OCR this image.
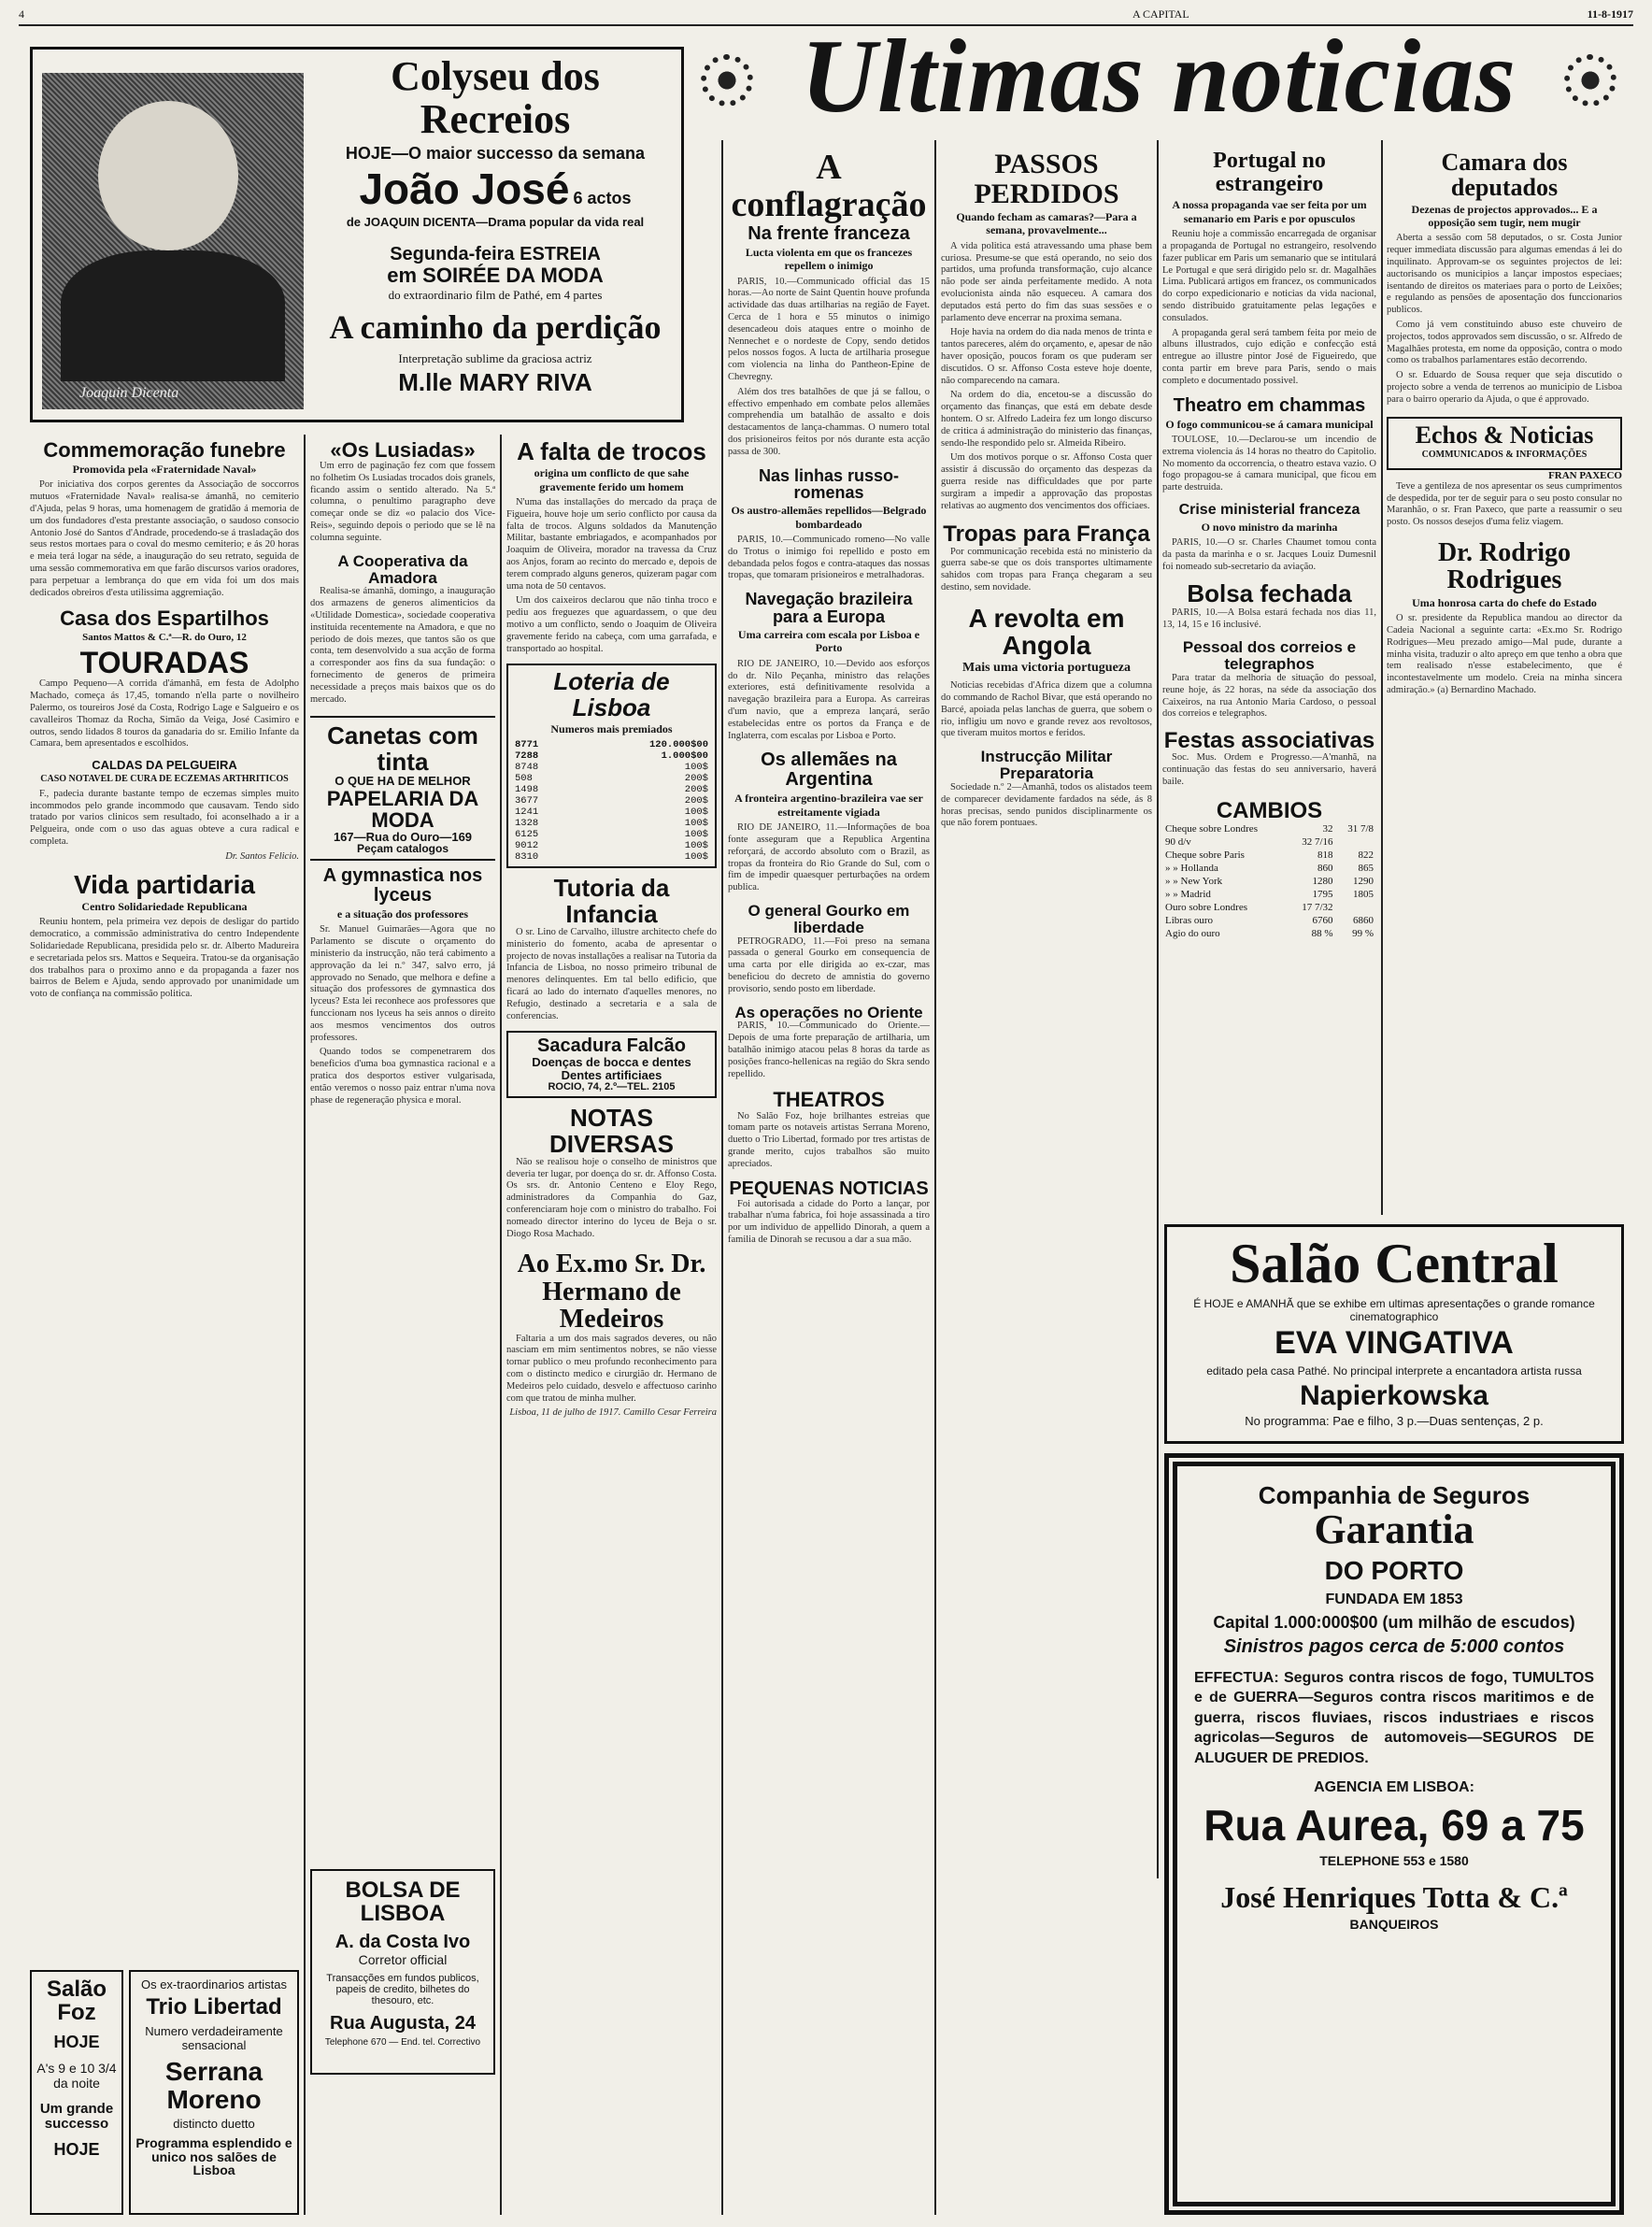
4	A CAPITAL	11-8-1917
Ultimas noticias
Joaquin Dicenta
Colyseu dos Recreios
HOJE—O maior successo da semana
João José 6 actos
de JOAQUIN DICENTA—Drama popular da vida real
Segunda-feira ESTREIA
em SOIRÉE DA MODA
do extraordinario film de Pathé, em 4 partes
A caminho da perdição
Interpretação sublime da graciosa actriz
M.lle MARY RIVA
Commemoração funebre
Promovida pela «Fraternidade Naval»

Por iniciativa dos corpos gerentes da Associação de soccorros mutuos «Fraternidade Naval» realisa-se ámanhã, no cemiterio d'Ajuda, pelas 9 horas, uma homenagem de gratidão á memoria de um dos fundadores d'esta prestante associação, o saudoso consocio Antonio José do Santos d'Andrade, procedendo-se á trasladação dos seus restos mortaes para o coval do mesmo cemiterio; e ás 20 horas e meia terá logar na séde, a inauguração do seu retrato, seguida de uma sessão commemorativa em que farão discursos varios oradores, para perpetuar a lembrança do que em vida foi um dos mais dedicados obreiros d'esta utilissima aggremiação.

Casa dos Espartilhos
Santos Mattos & C.ª—R. do Ouro, 12
TOURADAS

Campo Pequeno—A corrida d'ámanhã, em festa de Adolpho Machado, começa ás 17,45, tomando n'ella parte o novilheiro Palermo, os toureiros José da Costa, Rodrigo Lage e Salgueiro e os cavalleiros Thomaz da Rocha, Simão da Veiga, José Casimiro e outros, sendo lidados 8 touros da ganadaria do sr. Emilio Infante da Camara, bem apresentados e escolhidos.

CALDAS DA PELGUEIRA
CASO NOTAVEL DE CURA DE ECZEMAS ARTHRITICOS

F., padecia durante bastante tempo de eczemas simples muito incommodos pelo grande incommodo que causavam. Tendo sido tratado por varios clinicos sem resultado, foi aconselhado a ir a Pelgueira, onde com o uso das aguas obteve a cura radical e completa.

Dr. Santos Felicio.
Vida partidaria
Centro Solidariedade Republicana

Reuniu hontem, pela primeira vez depois de desligar do partido democratico, a commissão administrativa do centro Independente Solidariedade Republicana, presidida pelo sr. dr. Alberto Madureira e secretariada pelos srs. Mattos e Sequeira. Tratou-se da organisação dos trabalhos para o proximo anno e da propaganda a fazer nos bairros de Belem e Ajuda, sendo approvado por unanimidade um voto de confiança na commissão politica.

Salão Foz
HOJE
A's 9 e 10 3/4 da noite
Um grande successo
HOJE
Os ex-traordinarios artistas
Trio Libertad
Numero verdadeiramente sensacional
Serrana Moreno
distincto duetto
Programma esplendido e unico nos salões de Lisboa
«Os Lusiadas»

Um erro de paginação fez com que fossem no folhetim Os Lusiadas trocados dois granels, ficando assim o sentido alterado. Na 5.ª columna, o penultimo paragrapho deve começar onde se diz «o palacio dos Vice-Reis», seguindo depois o periodo que se lê na columna seguinte.

A Cooperativa da Amadora

Realisa-se ámanhã, domingo, a inauguração dos armazens de generos alimenticios da «Utilidade Domestica», sociedade cooperativa instituida recentemente na Amadora, e que no periodo de dois mezes, que tantos são os que conta, tem desenvolvido a sua acção de forma a corresponder aos fins da sua fundação: o fornecimento de generos de primeira necessidade a preços mais baixos que os do mercado.

Canetas com tinta
O QUE HA DE MELHOR
PAPELARIA DA MODA
167—Rua do Ouro—169
Peçam catalogos
A gymnastica nos lyceus
e a situação dos professores

Sr. Manuel Guimarães—Agora que no Parlamento se discute o orçamento do ministerio da instrucção, não terá cabimento a approvação da lei n.º 347, salvo erro, já approvado no Senado, que melhora e define a situação dos professores de gymnastica dos lyceus? Esta lei reconhece aos professores que funccionam nos lyceus ha seis annos o direito aos mesmos vencimentos dos outros professores.

Quando todos se compenetrarem dos beneficios d'uma boa gymnastica racional e a pratica dos desportos estiver vulgarisada, então veremos o nosso paiz entrar n'uma nova phase de regeneração physica e moral.

BOLSA DE LISBOA
A. da Costa Ivo
Corretor official
Transacções em fundos publicos, papeis de credito, bilhetes do thesouro, etc.
Rua Augusta, 24
Telephone 670 — End. tel. Correctivo
A falta de trocos
origina um conflicto de que sahe gravemente ferido um homem

N'uma das installações do mercado da praça de Figueira, houve hoje um serio conflicto por causa da falta de trocos. Alguns soldados da Manutenção Militar, bastante embriagados, e acompanhados por Joaquim de Oliveira, morador na travessa da Cruz aos Anjos, foram ao recinto do mercado e, depois de terem comprado alguns generos, quizeram pagar com uma nota de 50 centavos.

Um dos caixeiros declarou que não tinha troco e pediu aos freguezes que aguardassem, o que deu motivo a um conflicto, sendo o Joaquim de Oliveira gravemente ferido na cabeça, com uma garrafada, e transportado ao hospital.

Loteria de Lisboa
Numeros mais premiados
8771	120.000$00
7288	1.000$00
8748	100$
508	200$
1498	200$
3677	200$
1241	100$
1328	100$
6125	100$
9012	100$
8310	100$
Tutoria da Infancia

O sr. Lino de Carvalho, illustre architecto chefe do ministerio do fomento, acaba de apresentar o projecto de novas installações a realisar na Tutoria da Infancia de Lisboa, no nosso primeiro tribunal de menores delinquentes. Em tal bello edificio, que ficará ao lado do internato d'aquelles menores, no Refugio, destinado a secretaria e a sala de conferencias.

Sacadura Falcão
Doenças de bocca e dentes
Dentes artificiaes
ROCIO, 74, 2.º—TEL. 2105
NOTAS DIVERSAS

Não se realisou hoje o conselho de ministros que deveria ter lugar, por doença do sr. dr. Affonso Costa. Os srs. dr. Antonio Centeno e Eloy Rego, administradores da Companhia do Gaz, conferenciaram hoje com o ministro do trabalho. Foi nomeado director interino do lyceu de Beja o sr. Diogo Rosa Machado.

Ao Ex.mo Sr. Dr. Hermano de Medeiros

Faltaria a um dos mais sagrados deveres, ou não nasciam em mim sentimentos nobres, se não viesse tornar publico o meu profundo reconhecimento para com o distincto medico e cirurgião dr. Hermano de Medeiros pelo cuidado, desvelo e affectuoso carinho com que tratou de minha mulher.

Lisboa, 11 de julho de 1917. Camillo Cesar Ferreira
A conflagração
Na frente franceza
Lucta violenta em que os francezes repellem o inimigo

PARIS, 10.—Communicado official das 15 horas.—Ao norte de Saint Quentin houve profunda actividade das duas artilharias na região de Fayet. Cerca de 1 hora e 55 minutos o inimigo desencadeou dois ataques entre o moinho de Nennechet e o nordeste de Copy, sendo detidos pelos nossos fogos. A lucta de artilharia prosegue com violencia na linha do Pantheon-Epine de Chevregny.

Além dos tres batalhões de que já se fallou, o effectivo empenhado em combate pelos allemães comprehendia um batalhão de assalto e dois destacamentos de lança-chammas. O numero total dos prisioneiros feitos por nós durante esta acção passa de 300.

Nas linhas russo-romenas
Os austro-allemães repellidos—Belgrado bombardeado

PARIS, 10.—Communicado romeno—No valle do Trotus o inimigo foi repellido e posto em debandada pelos fogos e contra-ataques das nossas tropas, que tomaram prisioneiros e metralhadoras.

Navegação brazileira para a Europa
Uma carreira com escala por Lisboa e Porto

RIO DE JANEIRO, 10.—Devido aos esforços do dr. Nilo Peçanha, ministro das relações exteriores, está definitivamente resolvida a navegação brazileira para a Europa. As carreiras d'um navio, que a empreza lançará, serão estabelecidas entre os portos da França e de Inglaterra, com escalas por Lisboa e Porto.

Os allemães na Argentina
A fronteira argentino-brazileira vae ser estreitamente vigiada

RIO DE JANEIRO, 11.—Informações de boa fonte asseguram que a Republica Argentina reforçará, de accordo absoluto com o Brazil, as tropas da fronteira do Rio Grande do Sul, com o fim de impedir quaesquer perturbações na ordem publica.

O general Gourko em liberdade

PETROGRADO, 11.—Foi preso na semana passada o general Gourko em consequencia de uma carta por elle dirigida ao ex-czar, mas beneficiou do decreto de amnistia do governo provisorio, sendo posto em liberdade.

As operações no Oriente

PARIS, 10.—Communicado do Oriente.—Depois de uma forte preparação de artilharia, um batalhão inimigo atacou pelas 8 horas da tarde as posições franco-hellenicas na região do Skra sendo repellido.

THEATROS

No Salão Foz, hoje brilhantes estreias que tomam parte os notaveis artistas Serrana Moreno, duetto o Trio Libertad, formado por tres artistas de grande merito, cujos trabalhos são muito apreciados.

PEQUENAS NOTICIAS

Foi autorisada a cidade do Porto a lançar, por trabalhar n'uma fabrica, foi hoje assassinada a tiro por um individuo de appellido Dinorah, a quem a familia de Dinorah se recusou a dar a sua mão.

PASSOS PERDIDOS
Quando fecham as camaras?—Para a semana, provavelmente...

A vida politica está atravessando uma phase bem curiosa. Presume-se que está operando, no seio dos partidos, uma profunda transformação, cujo alcance não pode ser ainda perfeitamente medido. A nota evolucionista ainda não esqueceu. A camara dos deputados está perto do fim das suas sessões e o parlamento deve encerrar na proxima semana.

Hoje havia na ordem do dia nada menos de trinta e tantos pareceres, além do orçamento, e, apesar de não haver oposição, poucos foram os que puderam ser discutidos. O sr. Affonso Costa esteve hoje doente, não comparecendo na camara.

Na ordem do dia, encetou-se a discussão do orçamento das finanças, que está em debate desde hontem. O sr. Alfredo Ladeira fez um longo discurso de critica á administração do ministerio das finanças, sendo-lhe respondido pelo sr. Almeida Ribeiro.

Um dos motivos porque o sr. Affonso Costa quer assistir á discussão do orçamento das despezas da guerra reside nas difficuldades que por parte surgiram a impedir a approvação das propostas relativas ao augmento dos vencimentos dos officiaes.

Tropas para França

Por communicação recebida está no ministerio da guerra sabe-se que os dois transportes ultimamente sahidos com tropas para França chegaram a seu destino, sem novidade.

A revolta em Angola
Mais uma victoria portugueza

Noticias recebidas d'Africa dizem que a columna do commando de Rachol Bivar, que está operando no Barcé, apoiada pelas lanchas de guerra, que sobem o rio, infligiu um novo e grande revez aos revoltosos, que tiveram muitos mortos e feridos.

Instrucção Militar Preparatoria

Sociedade n.º 2—Ámanhã, todos os alistados teem de comparecer devidamente fardados na séde, ás 8 horas precisas, sendo punidos disciplinarmente os que não forem pontuaes.

Portugal no estrangeiro
A nossa propaganda vae ser feita por um semanario em Paris e por opusculos

Reuniu hoje a commissão encarregada de organisar a propaganda de Portugal no estrangeiro, resolvendo fazer publicar em Paris um semanario que se intitulará Le Portugal e que será dirigido pelo sr. dr. Magalhães Lima. Publicará artigos em francez, os communicados do corpo expedicionario e noticias da vida nacional, sendo distribuido gratuitamente pelas legações e consulados.

A propaganda geral será tambem feita por meio de albuns illustrados, cujo edição e confecção está entregue ao illustre pintor José de Figueiredo, que conta partir em breve para Paris, sendo o mais completo e documentado possivel.

Theatro em chammas
O fogo communicou-se á camara municipal

TOULOSE, 10.—Declarou-se um incendio de extrema violencia ás 14 horas no theatro do Capitolio. No momento da occorrencia, o theatro estava vazio. O fogo propagou-se á camara municipal, que ficou em parte destruida.

Crise ministerial franceza
O novo ministro da marinha

PARIS, 10.—O sr. Charles Chaumet tomou conta da pasta da marinha e o sr. Jacques Louiz Dumesnil foi nomeado sub-secretario da aviação.

Bolsa fechada

PARIS, 10.—A Bolsa estará fechada nos dias 11, 13, 14, 15 e 16 inclusivé.

Pessoal dos correios e telegraphos

Para tratar da melhoria de situação do pessoal, reune hoje, ás 22 horas, na séde da associação dos Caixeiros, na rua Antonio Maria Cardoso, o pessoal dos correios e telegraphos.

Festas associativas

Soc. Mus. Ordem e Progresso.—A'manhã, na continuação das festas do seu anniversario, haverá baile.

CAMBIOS
Cheque sobre Londres	32	31 7/8
90 d/v	32 7/16	
Cheque sobre Paris	818	822
» » Hollanda	860	865
» » New York	1280	1290
» » Madrid	1795	1805
Ouro sobre Londres	17 7/32	
Libras ouro	6760	6860
Agio do ouro	88 %	99 %
Camara dos deputados
Dezenas de projectos approvados... E a opposição sem tugir, nem mugir

Aberta a sessão com 58 deputados, o sr. Costa Junior requer immediata discussão para algumas emendas á lei do inquilinato. Approvam-se os seguintes projectos de lei: auctorisando os municipios a lançar impostos especiaes; isentando de direitos os materiaes para o porto de Leixões; e regulando as pensões de aposentação dos funccionarios publicos.

Como já vem constituindo abuso este chuveiro de projectos, todos approvados sem discussão, o sr. Alfredo de Magalhães protesta, em nome da opposição, contra o modo como os trabalhos parlamentares estão decorrendo.

O sr. Eduardo de Sousa requer que seja discutido o projecto sobre a venda de terrenos ao municipio de Lisboa para o bairro operario da Ajuda, o que é approvado.

Echos & Noticias
COMMUNICADOS & INFORMAÇÕES
FRAN PAXECO

Teve a gentileza de nos apresentar os seus cumprimentos de despedida, por ter de seguir para o seu posto consular no Maranhão, o sr. Fran Paxeco, que parte a reassumir o seu posto. Os nossos desejos d'uma feliz viagem.

Dr. Rodrigo Rodrigues
Uma honrosa carta do chefe do Estado

O sr. presidente da Republica mandou ao director da Cadeia Nacional a seguinte carta: «Ex.mo Sr. Rodrigo Rodrigues—Meu prezado amigo—Mal pude, durante a minha visita, traduzir o alto apreço em que tenho a obra que tem realisado n'esse estabelecimento, que é incontestavelmente um modelo. Creia na minha sincera admiração.» (a) Bernardino Machado.

Salão Central
É HOJE e AMANHÃ que se exhibe em ultimas apresentações o grande romance cinematographico
EVA VINGATIVA
editado pela casa Pathé. No principal interprete a encantadora artista russa
Napierkowska
No programma: Pae e filho, 3 p.—Duas sentenças, 2 p.
Companhia de Seguros Garantia
DO PORTO
FUNDADA EM 1853
Capital 1.000:000$00 (um milhão de escudos)
Sinistros pagos cerca de 5:000 contos
EFFECTUA: Seguros contra riscos de fogo, TUMULTOS e de GUERRA—Seguros contra riscos maritimos e de guerra, riscos fluviaes, riscos industriaes e riscos agricolas—Seguros de automoveis—SEGUROS DE ALUGUER DE PREDIOS.
AGENCIA EM LISBOA:
Rua Aurea, 69 a 75
TELEPHONE 553 e 1580
José Henriques Totta & C.ª
BANQUEIROS
